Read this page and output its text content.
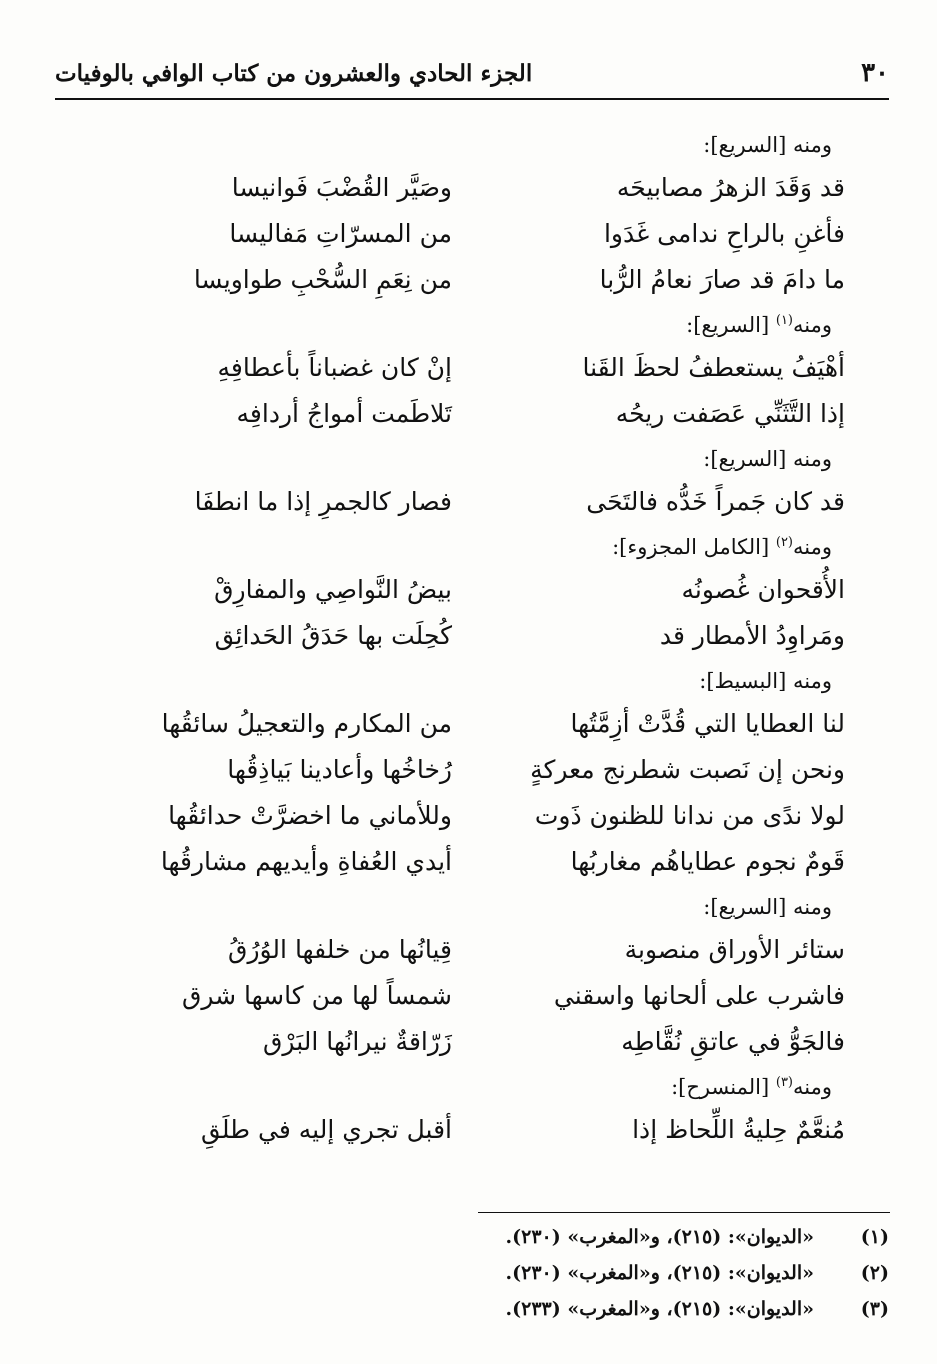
٣٠
الجزء الحادي والعشرون من كتاب الوافي بالوفيات
ومنه [السريع]:
قد وَقَدَ الزهرُ مصابيحَه
وصَيَّر القُضْبَ فَوانيسا
فأغنِ بالراحِ ندامى غَدَوا
من المسرّاتِ مَفاليسا
ما دامَ قد صارَ نعامُ الرُّبا
من نِعَمِ السُّحْبِ طواويسا
ومنه$^{(١)}$ [السريع]:
أهْيَفُ يستعطفُ لحظَ القَنا
إنْ كان غضباناً بأعطافِهِ
إذا التَّثَنِّي عَصَفت ريحُه
تَلاطَمت أمواجُ أردافِه
ومنه [السريع]:
قد كان جَمراً خَدُّه فالتَحَى
فصار كالجمرِ إذا ما انطفَا
ومنه$^{(٢)}$ [الكامل المجزوء]:
الأُقحوان غُصونُه
بيضُ النَّواصِي والمفارِقْ
ومَراوِدُ الأمطار قد
كُحِلَت بها حَدَقُ الحَدائِق
ومنه [البسيط]:
لنا العطايا التي قُدَّتْ أزِمَّتُها
من المكارم والتعجيلُ سائقُها
ونحن إن نَصبت شطرنج معركةٍ
رُخاخُها وأعادينا بَياذِقُها
لولا ندًى من ندانا للظنون ذَوت
وللأماني ما اخضرَّتْ حدائقُها
قَومٌ نجوم عطاياهُم مغاربُها
أيدي العُفاةِ وأيديهم مشارقُها
ومنه [السريع]:
ستائر الأوراق منصوبة
قِيانُها من خلفها الوُرُقُ
فاشرب على ألحانها واسقني
شمساً لها من كاسها شرق
فالجَوُّ في عاتقِ نُقَّاطِه
زَرّاقةٌ نيرانُها البَرْق
ومنه$^{(٣)}$ [المنسرح]:
مُنعَّمٌ حِليةُ اللِّحاظ إذا
أقبل تجري إليه في طلَقِ
(١)
«الديوان»: (٢١٥)، و«المغرب» (٢٣٠).
(٢)
«الديوان»: (٢١٥)، و«المغرب» (٢٣٠).
(٣)
«الديوان»: (٢١٥)، و«المغرب» (٢٣٣).
